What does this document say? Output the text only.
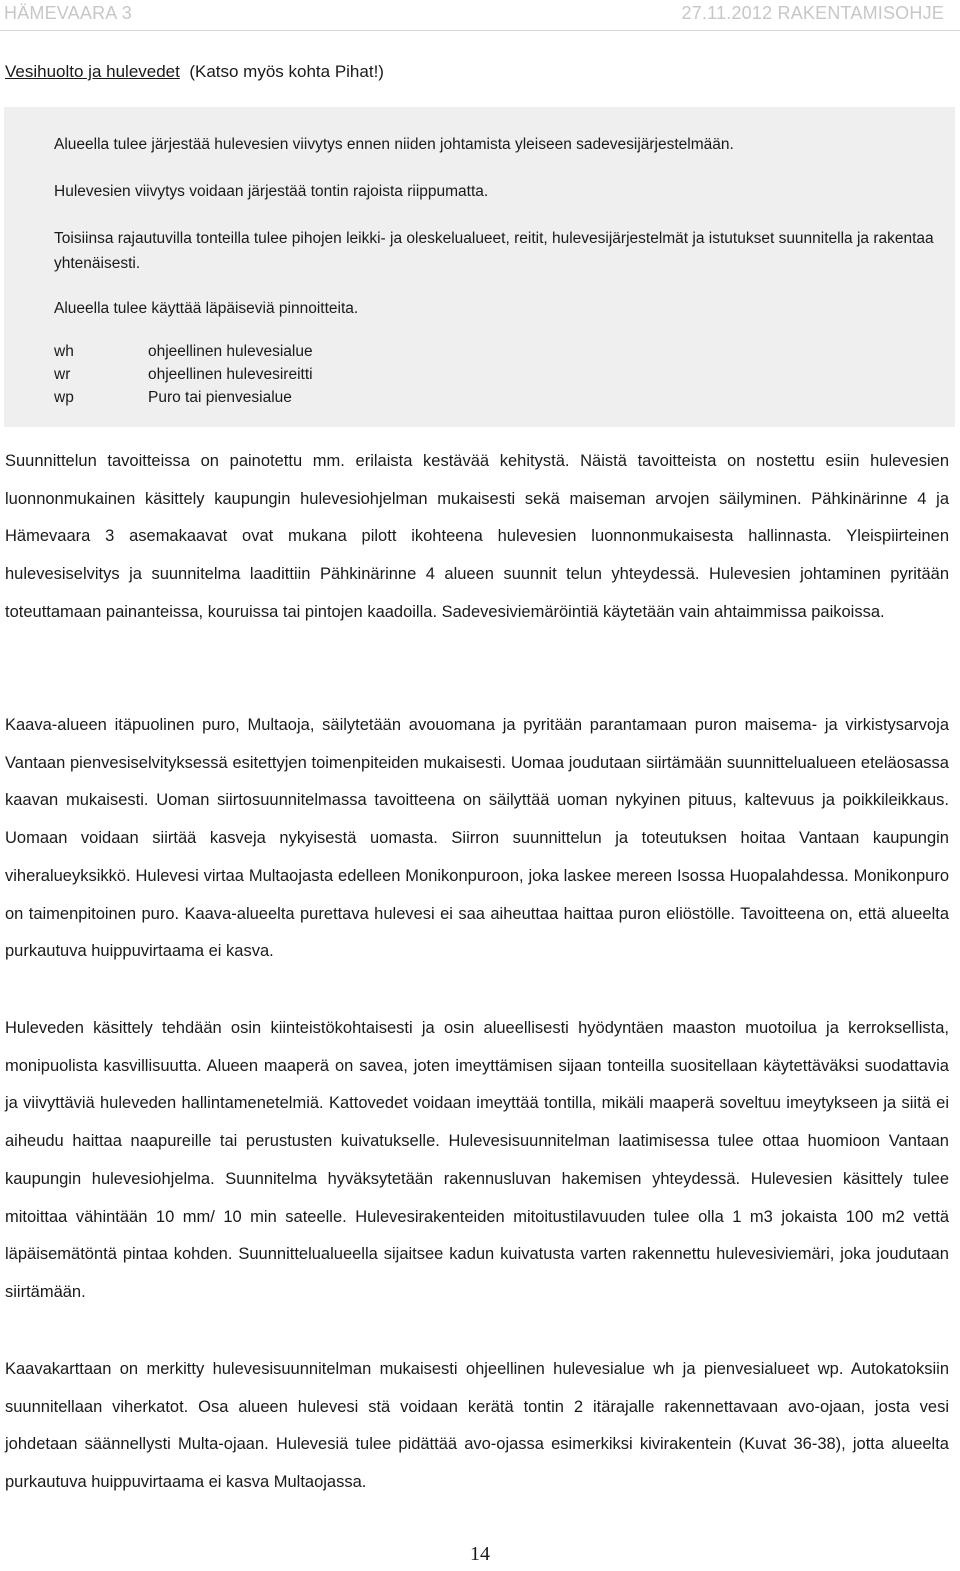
HÄMEVAARA 3	27.11.2012 RAKENTAMISOHJE
Vesihuolto ja hulevedet (Katso myös kohta Pihat!)
Alueella tulee järjestää hulevesien viivytys ennen niiden johtamista yleiseen sadevesijärjestelmään.
Hulevesien viivytys voidaan järjestää tontin rajoista riippumatta.
Toisiinsa rajautuvilla tonteilla tulee pihojen leikki- ja oleskelualueet, reitit, hulevesijärjestelmät ja istutukset suunnitella ja rakentaa yhtenäisesti.
Alueella tulee käyttää läpäiseviä pinnoitteita.
wh	ohjeellinen hulevesialue
wr	ohjeellinen hulevesireitti
wp	Puro tai pienvesialue
Suunnittelun tavoitteissa on painotettu mm. erilaista kestävää kehitystä. Näistä tavoitteista on nostettu esiin hulevesien luonnonmukainen käsittely kaupungin hulevesiohjelman mukaisesti sekä maiseman arvojen säilyminen. Pähkinärinne 4 ja Hämevaara 3 asemakaavat ovat mukana pilott ikohteena hulevesien luonnonmukaisesta hallinnasta. Yleispiirteinen hulevesiselvitys ja suunnitelma laadittiin Pähkinärinne 4 alueen suunnit telun yhteydessä. Hulevesien johtaminen pyritään toteuttamaan painanteissa, kouruissa tai pintojen kaadoilla. Sadevesiviemäröintiä käytetään vain ahtaimmissa paikoissa.
Kaava-alueen itäpuolinen puro, Multaoja, säilytetään avouomana ja pyritään parantamaan puron maisema- ja virkistysarvoja Vantaan pienvesiselvityksessä esitettyjen toimenpiteiden mukaisesti. Uomaa joudutaan siirtämään suunnittelualueen eteläosassa kaavan mukaisesti. Uoman siirtosuunnitelmassa tavoitteena on säilyttää uoman nykyinen pituus, kaltevuus ja poikkileikkaus. Uomaan voidaan siirtää kasveja nykyisestä uomasta. Siirron suunnittelun ja toteutuksen hoitaa Vantaan kaupungin viheralueyksikkö. Hulevesi virtaa Multaojasta edelleen Monikonpuroon, joka laskee mereen Isossa Huopalahdessa. Monikonpuro on taimenpitoinen puro. Kaava-alueelta purettava hulevesi ei saa aiheuttaa haittaa puron eliöstölle. Tavoitteena on, että alueelta purkautuva huippuvirtaama ei kasva.
Huleveden käsittely tehdään osin kiinteistökohtaisesti ja osin alueellisesti hyödyntäen maaston muotoilua ja kerroksellista, monipuolista kasvillisuutta. Alueen maaperä on savea, joten imeyttämisen sijaan tonteilla suositellaan käytettäväksi suodattavia ja viivyttäviä huleveden hallintamenetelmiä. Kattovedet voidaan imeyttää tontilla, mikäli maaperä soveltuu imeytykseen ja siitä ei aiheudu haittaa naapureille tai perustusten kuivatukselle. Hulevesisuunnitelman laatimisessa tulee ottaa huomioon Vantaan kaupungin hulevesiohjelma. Suunnitelma hyväksytetään rakennusluvan hakemisen yhteydessä. Hulevesien käsittely tulee mitoittaa vähintään 10 mm/ 10 min sateelle. Hulevesirakenteiden mitoitustilavuuden tulee olla 1 m3 jokaista 100 m2 vettä läpäisemätöntä pintaa kohden. Suunnittelualueella sijaitsee kadun kuivatusta varten rakennettu hulevesiviemäri, joka joudutaan siirtämään.
Kaavakarttaan on merkitty hulevesisuunnitelman mukaisesti ohjeellinen hulevesialue wh ja pienvesialueet wp. Autokatoksiin suunnitellaan viherkatot. Osa alueen hulevesi stä voidaan kerätä tontin 2 itärajalle rakennettavaan avo-ojaan, josta vesi johdetaan säännellysti Multa-ojaan. Hulevesiä tulee pidättää avo-ojassa esimerkiksi kivirakentein (Kuvat 36-38), jotta alueelta purkautuva huippuvirtaama ei kasva Multaojassa.
14
